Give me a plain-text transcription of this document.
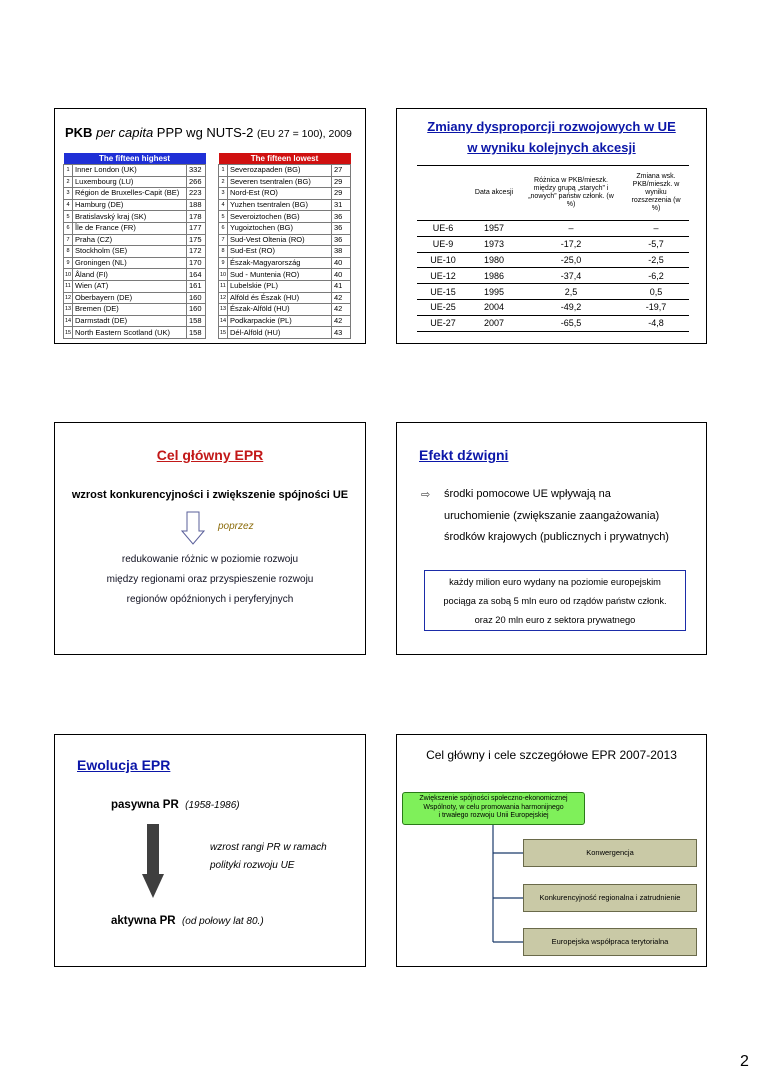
PKB per capita PPP wg NUTS-2 (EU 27 = 100), 2009
The fifteen highest		
1	Inner London (UK)	332
2	Luxembourg (LU)	266
3	Région de Bruxelles-Capit (BE)	223
4	Hamburg (DE)	188
5	Bratislavský kraj (SK)	178
6	Île de France (FR)	177
7	Praha (CZ)	175
8	Stockholm (SE)	172
9	Groningen (NL)	170
10	Åland (FI)	164
11	Wien (AT)	161
12	Oberbayern (DE)	160
13	Bremen (DE)	160
14	Darmstadt (DE)	158
15	North Eastern Scotland (UK)	158
The fifteen lowest		
1	Severozapaden (BG)	27
2	Severen tsentralen (BG)	29
3	Nord-Est (RO)	29
4	Yuzhen tsentralen (BG)	31
5	Severoiztochen (BG)	36
6	Yugoiztochen (BG)	36
7	Sud-Vest Oltenia (RO)	36
8	Sud-Est (RO)	38
9	Észak-Magyarország	40
10	Sud - Muntenia (RO)	40
11	Lubelskie (PL)	41
12	Alföld és Észak (HU)	42
13	Észak-Alföld (HU)	42
14	Podkarpackie (PL)	42
15	Dél-Alföld (HU)	43
Zmiany dysproporcji rozwojowych w UE
w wyniku kolejnych akcesji
	Data akcesji	Różnica w PKB/mieszk. między grupą „starych” i „nowych” państw członk. (w %)	Zmiana wsk. PKB/mieszk. w wyniku rozszerzenia (w %)
UE-6	1957	–	–
UE-9	1973	-17,2	-5,7
UE-10	1980	-25,0	-2,5
UE-12	1986	-37,4	-6,2
UE-15	1995	2,5	0,5
UE-25	2004	-49,2	-19,7
UE-27	2007	-65,5	-4,8
Cel główny EPR
wzrost konkurencyjności i zwiększenie spójności UE
poprzez
redukowanie różnic w poziomie rozwoju
między regionami oraz przyspieszenie rozwoju
regionów opóźnionych i peryferyjnych
Efekt dźwigni
⇨ środki pomocowe UE wpływają na
uruchomienie (zwiększanie zaangażowania)
środków krajowych (publicznych i prywatnych)
każdy milion euro wydany na poziomie europejskim
pociąga za sobą 5 mln euro od rządów państw członk.
oraz 20 mln euro z sektora prywatnego
Ewolucja EPR
pasywna PR (1958-1986)
wzrost rangi PR w ramach
polityki rozwoju UE
aktywna PR (od połowy lat 80.)
Cel główny i cele szczegółowe EPR 2007-2013
Zwiększenie spójności społeczno-ekonomicznej
Wspólnoty, w celu promowania harmonijnego
i trwałego rozwoju Unii Europejskiej
Konwergencja
Konkurencyjność regionalna i zatrudnienie
Europejska współpraca terytorialna
2
